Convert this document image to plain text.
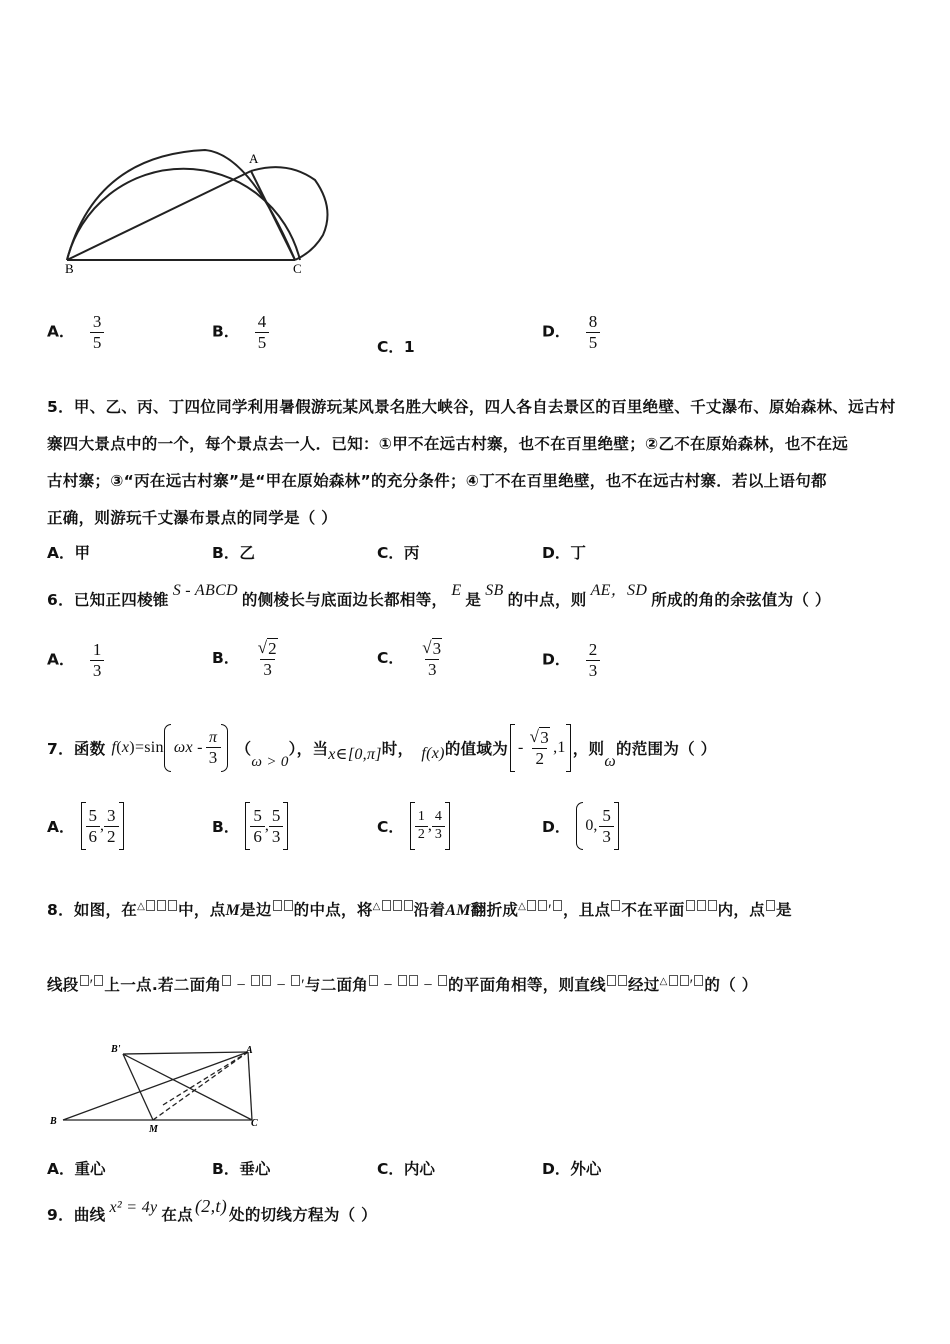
A
B	C
A． $\frac{3}{5}$	B． $\frac{4}{5}$	C．1
D． $\frac{8}{5}$
5．甲、乙、丙、丁四位同学利用暑假游玩某风景名胜大峡谷，四人各自去景区的百里绝壁、千丈瀑布、原始森林、远古村
寨四大景点中的一个，每个景点去一人．已知：①甲不在远古村寨，也不在百里绝壁；②乙不在原始森林，也不在远
古村寨；③“丙在远古村寨”是“甲在原始森林”的充分条件；④丁不在百里绝壁，也不在远古村寨．若以上语句都
正确，则游玩千丈瀑布景点的同学是（ ）
A．甲	B．乙	C．丙	D．丁
6．已知正四棱锥S - ABCD的侧棱长与底面边长都相等，E是SB的中点，则AE，SD所成的角的余弦值为（ ）
A． $\frac{1}{3}$	B． $\frac{√ 2}{3}$	C． $\frac{√ 3}{3}$	D． $\frac{2}{3}$
7．函数 f ( x ) =sin ωx - $\frac{\pi}{3}$ （
ω > 0
），当 x∈[0,π] 时， f(x) 的值域为 - $\frac{√ 3}{2} ,1$ ，则
ω
的范围为（ ）
A． $\frac{5}{6}$ , $\frac{3}{2}$	B． $\frac{5}{6}$ , $\frac{5}{3}$	C． $\frac{1}{2}$ , $\frac{4}{3}$	D． 0, $\frac{5}{3}$
8．如图，在△ 中，点M是边 的中点，将△ 沿着AM翻折成△ ′ ，且点 不在平面 内，点 是
线段 ′ 上一点.若二面角 −  − ′与二面角 −  − 的平面角相等，则直线 经过△ ′ 的（ ）
B'	A
B
M
C
A．重心	B．垂心	C．内心	D．外心
9．曲线 x² = 4y 在点 (2,t) 处的切线方程为（ ）
